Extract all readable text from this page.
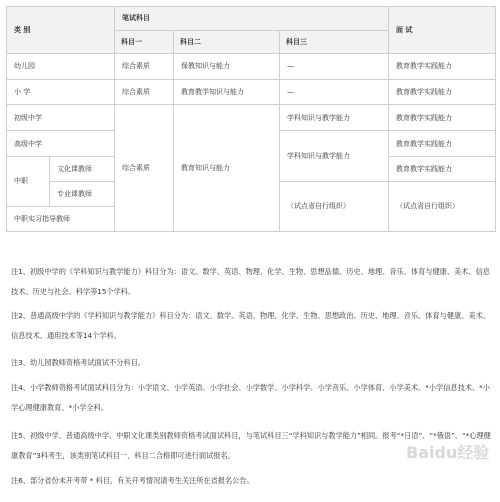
类 别		笔试科目			面 试
		科目一	科目二	科目三	
幼儿园		综合素质	保教知识与能力	—	教育教学实践能力
小 学		综合素质	教育教学知识与能力	—	教育教学实践能力
初级中学		综合素质	教育知识与能力	学科知识与教学能力	教育教学实践能力
高级中学				学科知识与教学能力	教育教学实践能力
中职	文化课教师				教育教学实践能力
	专业课教师			（试点省自行组织）	（试点省自行组织）
中职实习指导教师					

注1、初级中学的《学科知识与教学能力》科目分为：语文、数学、英语、物理、化学、生物、思想品德、历史、地理、音乐、体育与健康、美术、信息技术、历史与社会、科学等15个学科。

注2、普通高级中学的《学科知识与教学能力》科目分为：语文、数学、英语、物理、化学、生物、思想政治、历史、地理、音乐、体育与健康、美术、信息技术、通用技术等14个学科。

注3、幼儿园教师资格考试面试不分科目。

注4、小学教师资格考试面试科目分为：小学语文、小学英语、小学社会、小学数学、小学科学、小学音乐、小学体育、小学美术、*小学信息技术、*小学心理健康教育、*小学全科。

注5、初级中学、普通高级中学、中职文化课类别教师资格考试面试科目，与笔试科目三“学科知识与教学能力”相同。报考“*日语”、“*俄语”、“*心理健康教育”3科考生，该类别笔试科目一、科目二合格即可进行面试报名。

注6、部分省份未开考带 * 科目，有关开考情况请考生关注所在省报名公告。

Baidu经验
